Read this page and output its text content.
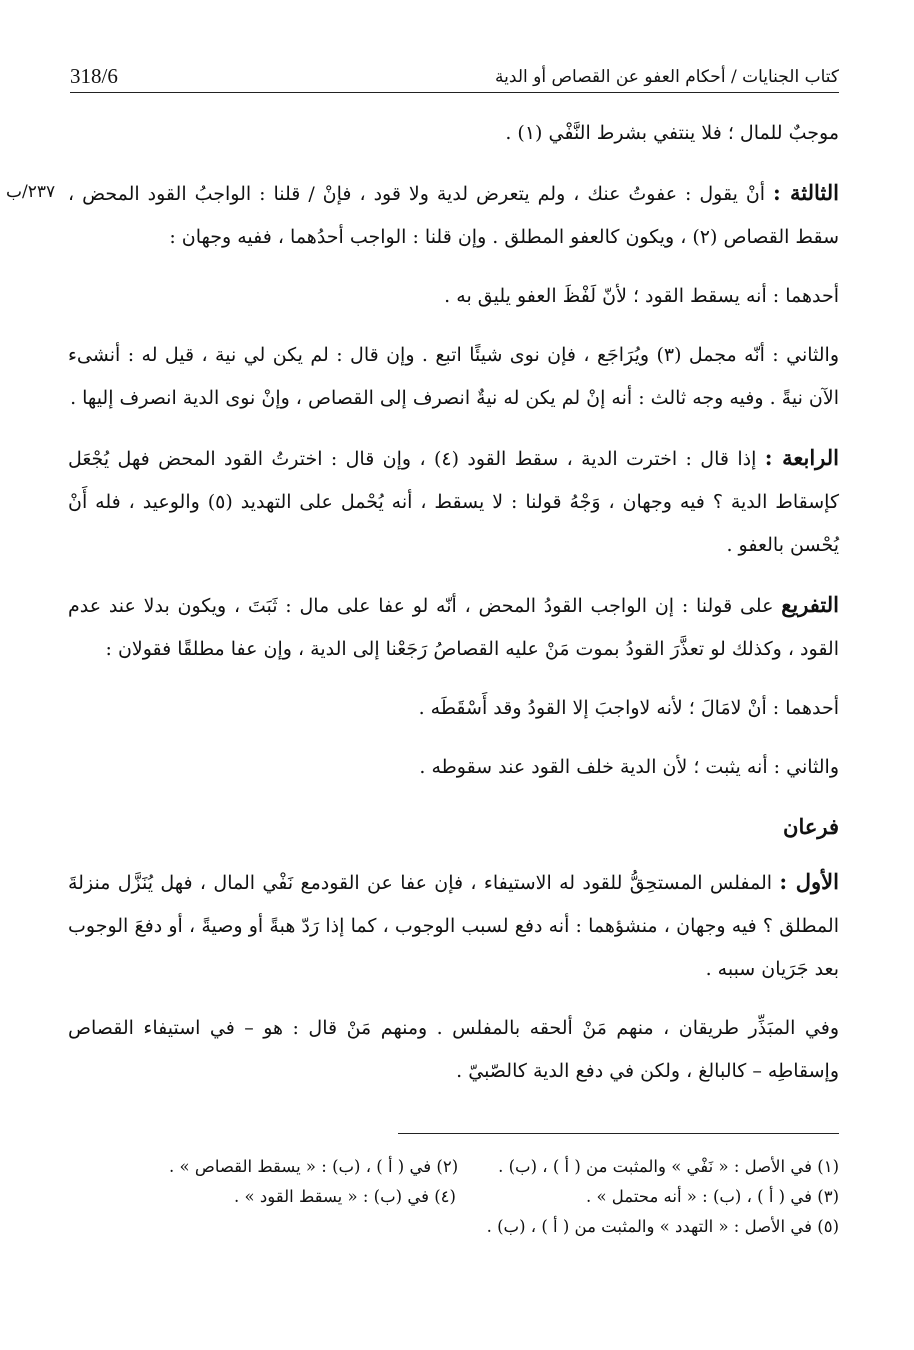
كتاب الجنايات / أحكام العفو عن القصاص أو الدية
318/6
٢٣٧/ب

موجبٌ للمال ؛ فلا ينتفي بشرط النَّفْي (١) .

الثالثة : أنْ يقول : عفوتُ عنك ، ولم يتعرض لدية ولا قود ، فإنْ / قلنا : الواجبُ القود المحض ، سقط القصاص (٢) ، ويكون كالعفو المطلق . وإن قلنا : الواجب أحدُهما ، ففيه وجهان :

أحدهما : أنه يسقط القود ؛ لأنّ لَفْظَ العفو يليق به .

والثاني : أنّه مجمل (٣) ويُرَاجَع ، فإن نوى شيئًا اتبع . وإن قال : لم يكن لي نية ، قيل له : أنشىء الآن نيةً . وفيه وجه ثالث : أنه إنْ لم يكن له نيةٌ انصرف إلى القصاص ، وإنْ نوى الدية انصرف إليها .

الرابعة : إذا قال : اخترت الدية ، سقط القود (٤) ، وإن قال : اخترتُ القود المحض فهل يُجْعَل كإسقاط الدية ؟ فيه وجهان ، وَجْهُ قولنا : لا يسقط ، أنه يُحْمل على التهديد (٥) والوعيد ، فله أَنْ يُحْسن بالعفو .

التفريع على قولنا : إن الواجب القودُ المحض ، أنّه لو عفا على مال : ثَبَتَ ، ويكون بدلا عند عدم القود ، وكذلك لو تعذَّرَ القودُ بموت مَنْ عليه القصاصُ رَجَعْنا إلى الدية ، وإن عفا مطلقًا فقولان :

أحدهما : أنْ لامَالَ ؛ لأنه لاواجبَ إلا القودُ وقد أَسْقَطَه .

والثاني : أنه يثبت ؛ لأن الدية خلف القود عند سقوطه .

فرعان

الأول : المفلس المستحِقُّ للقود له الاستيفاء ، فإن عفا عن القودمع نَفْي المال ، فهل يُنَزَّل منزلةَ المطلق ؟ فيه وجهان ، منشؤهما : أنه دفع لسبب الوجوب ، كما إذا رَدّ هبةً أو وصيةً ، أو دفعَ الوجوب بعد جَرَيان سببه .

وفي المبَذِّر طريقان ، منهم مَنْ ألحقه بالمفلس . ومنهم مَنْ قال : هو – في استيفاء القصاص وإسقاطِه – كالبالغ ، ولكن في دفع الدية كالصّبيّ .

(١) في الأصل : « نَفْي » والمثبت من ( أ ) ، (ب) .
(٢) في ( أ ) ، (ب) : « يسقط القصاص » .
(٣) في ( أ ) ، (ب) : « أنه محتمل » .
(٤) في (ب) : « يسقط القود » .
(٥) في الأصل : « التهدد » والمثبت من ( أ ) ، (ب) .
